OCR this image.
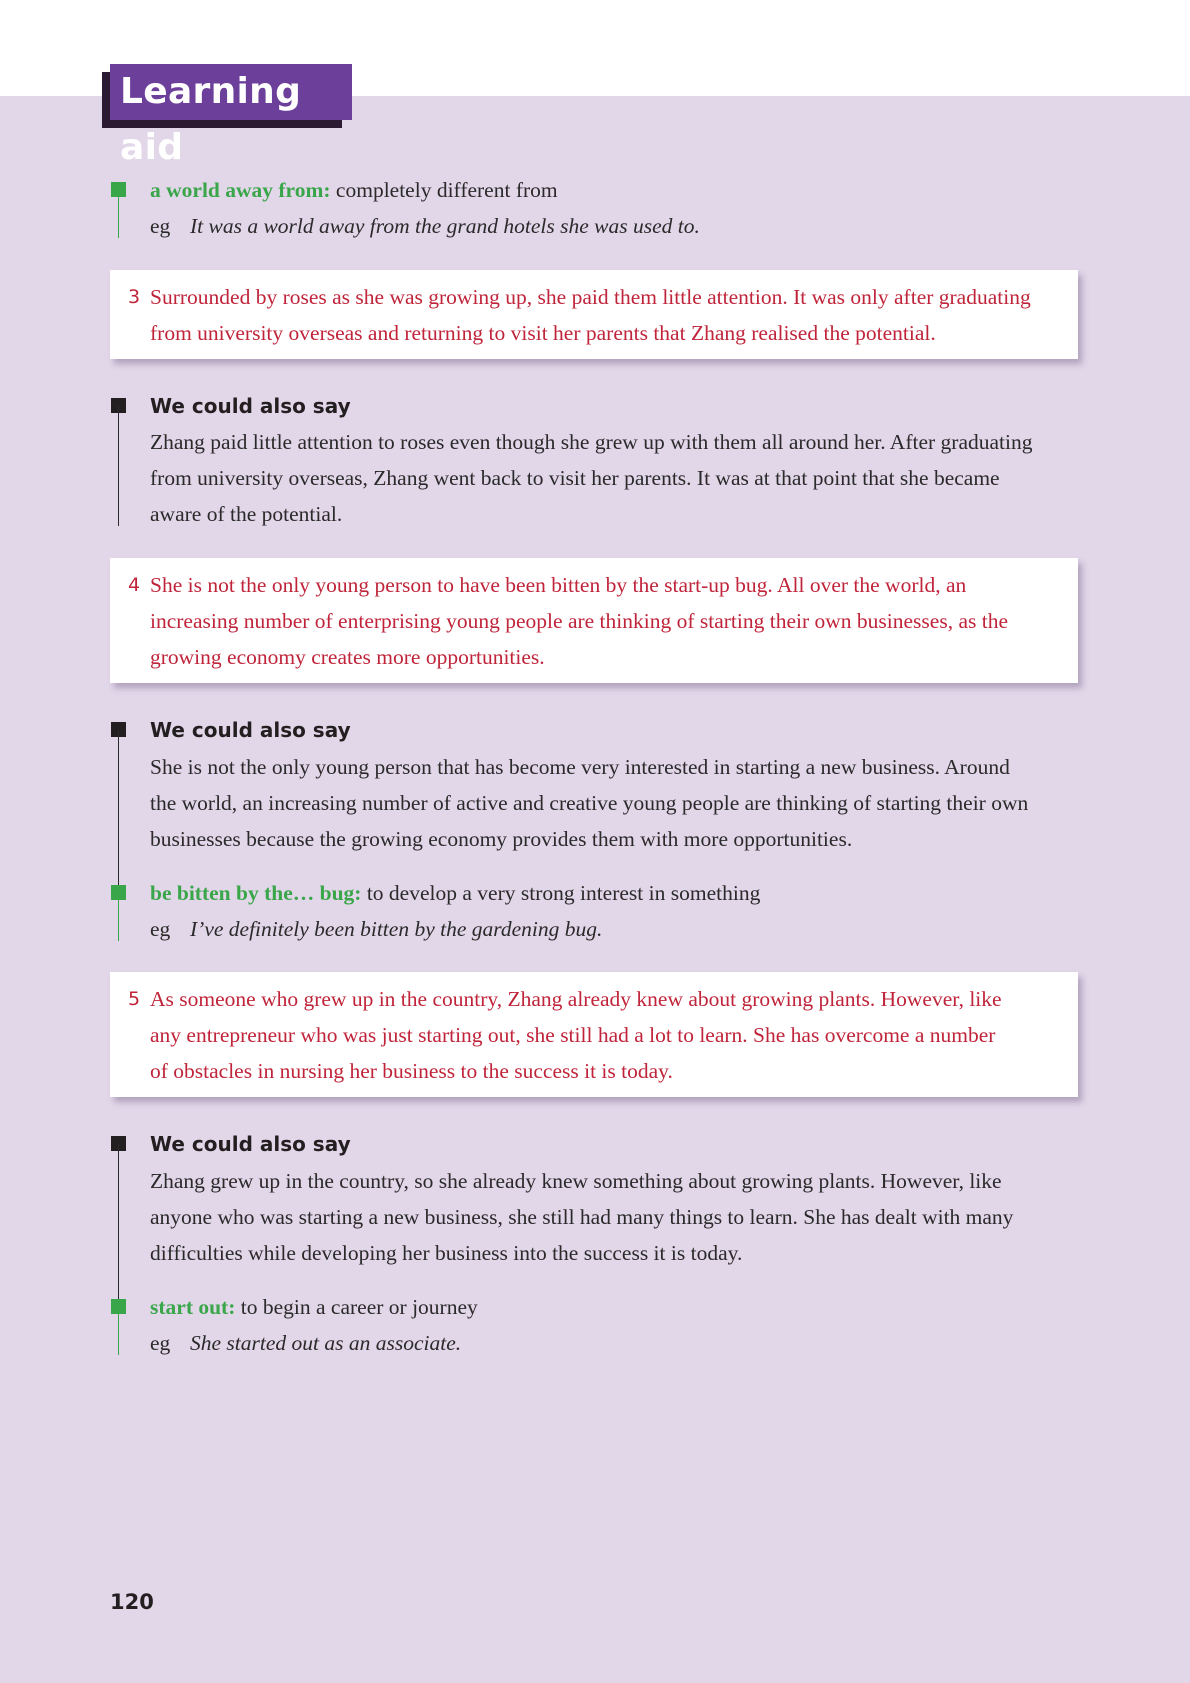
Learning aid
a world away from: completely different from
eg It was a world away from the grand hotels she was used to.
3 Surrounded by roses as she was growing up, she paid them little attention. It was only after graduating
from university overseas and returning to visit her parents that Zhang realised the potential.
We could also say
Zhang paid little attention to roses even though she grew up with them all around her. After graduating
from university overseas, Zhang went back to visit her parents. It was at that point that she became
aware of the potential.
4 She is not the only young person to have been bitten by the start-up bug. All over the world, an
increasing number of enterprising young people are thinking of starting their own businesses, as the
growing economy creates more opportunities.
We could also say
She is not the only young person that has become very interested in starting a new business. Around
the world, an increasing number of active and creative young people are thinking of starting their own
businesses because the growing economy provides them with more opportunities.
be bitten by the… bug: to develop a very strong interest in something
eg I’ve definitely been bitten by the gardening bug.
5 As someone who grew up in the country, Zhang already knew about growing plants. However, like
any entrepreneur who was just starting out, she still had a lot to learn. She has overcome a number
of obstacles in nursing her business to the success it is today.
We could also say
Zhang grew up in the country, so she already knew something about growing plants. However, like
anyone who was starting a new business, she still had many things to learn. She has dealt with many
difficulties while developing her business into the success it is today.
start out: to begin a career or journey
eg She started out as an associate.
120
